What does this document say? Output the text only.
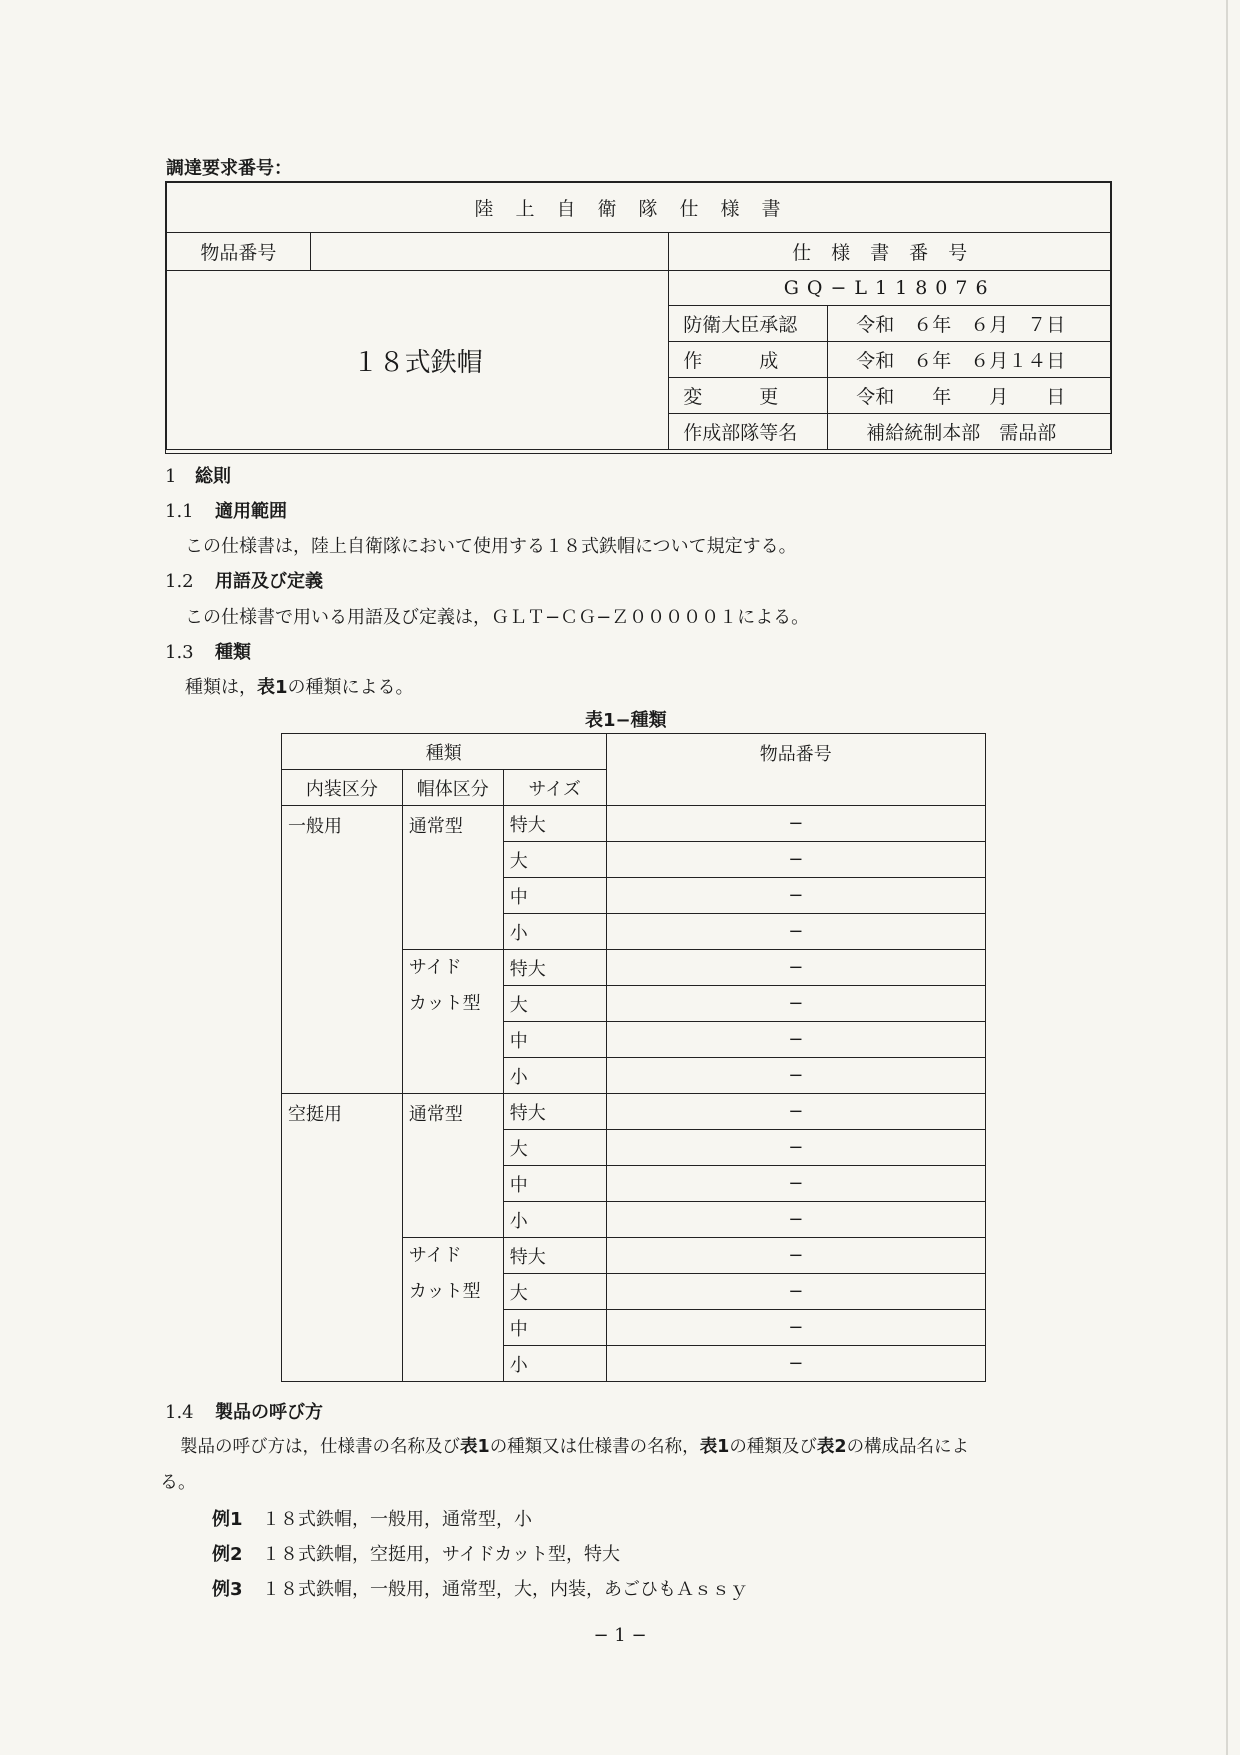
調達要求番号：
陸上自衛隊仕様書			
物品番号		仕様書番号	
１８式鉄帽		GQ−L118076	
		防衛大臣承認	令和　６年　６月　７日
		作　　　成	令和　６年　６月１４日
		変　　　更	令和　　年　　月　　日
		作成部隊等名	補給統制本部　需品部
1 総則
1.1 適用範囲
この仕様書は，陸上自衛隊において使用する１８式鉄帽について規定する。
1.2 用語及び定義
この仕様書で用いる用語及び定義は，ＧＬＴ−ＣＧ−Ｚ０００００１による。
1.3 種類
種類は，表1の種類による。
表1−種類
種類			物品番号
内装区分	帽体区分	サイズ	
一般用	通常型	特大	−
		大	−
		中	−
		小	−

	サイド
カット型	特大	−
		大	−
		中	−
		小	−
空挺用	通常型	特大	−
		大	−
		中	−
		小	−

	サイド
カット型	特大	−
		大	−
		中	−
		小	−
1.4 製品の呼び方
製品の呼び方は，仕様書の名称及び表1の種類又は仕様書の名称，表1の種類及び表2の構成品名によ
る。
例1 １８式鉄帽，一般用，通常型，小
例2 １８式鉄帽，空挺用，サイドカット型，特大
例3 １８式鉄帽，一般用，通常型，大，内装，あごひもＡｓｓｙ
− 1 −
